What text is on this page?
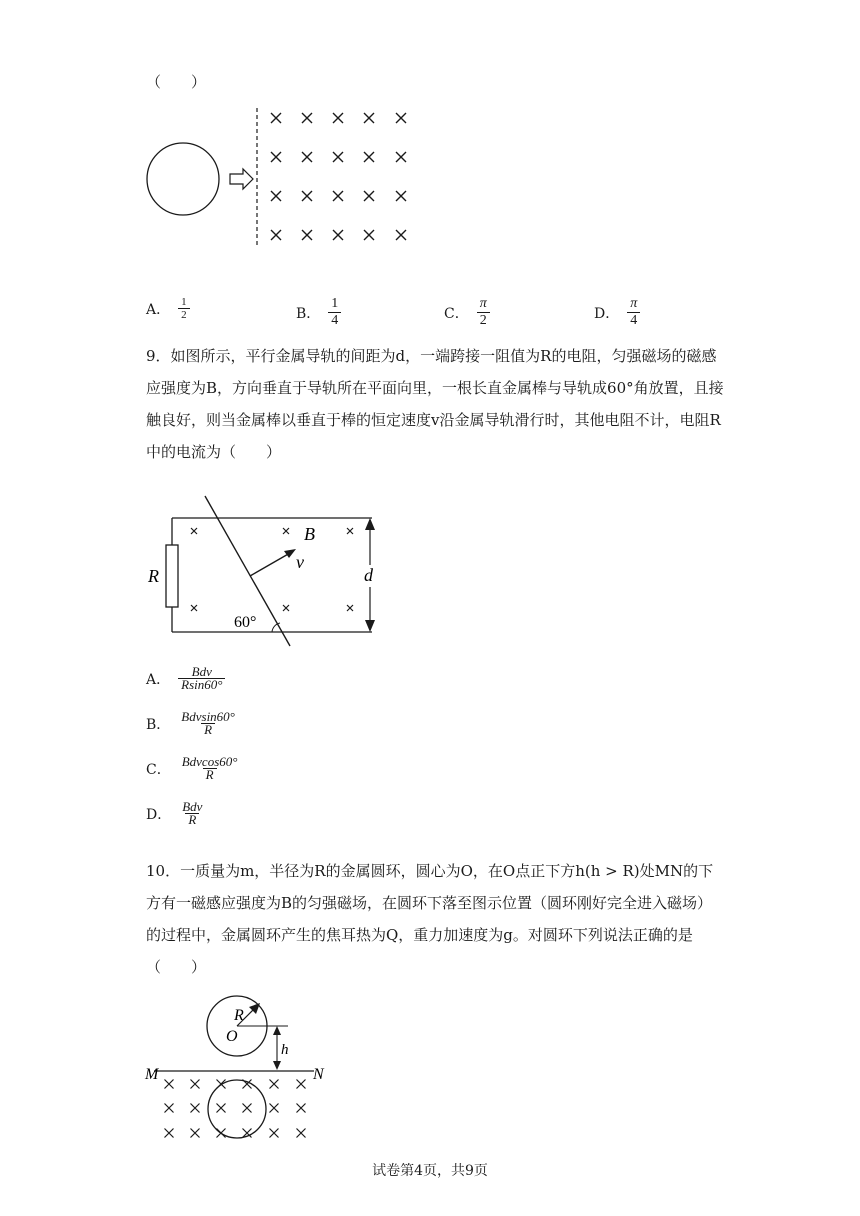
（　　）
A． $\frac{1}{2}$	B． $\frac{1}{4}$	C． $\frac{\pi}{2}$	D． $\frac{\pi}{4}$
9．如图所示，平行金属导轨的间距为d，一端跨接一阻值为R的电阻，匀强磁场的磁感应强度为B，方向垂直于导轨所在平面向里，一根长直金属棒与导轨成60°角放置，且接触良好，则当金属棒以垂直于棒的恒定速度v沿金属导轨滑行时，其他电阻不计，电阻R中的电流为（　　）
R
v
B
60°
d
A． $\frac{\text{Bdv}}{Rsin60^\circ}$
B． $\frac{\text{Bdvsin60°}}{R}$
C． $\frac{\text{Bdvcos60°}}{R}$
D． $\frac{\text{Bdv}}{R}$
10．一质量为m，半径为R的金属圆环，圆心为O，在O点正下方h(h > R)处MN的下方有一磁感应强度为B的匀强磁场，在圆环下落至图示位置（圆环刚好完全进入磁场）的过程中，金属圆环产生的焦耳热为Q，重力加速度为g。对圆环下列说法正确的是
（　　）
R
O
h
M	N
试卷第4页，共9页
